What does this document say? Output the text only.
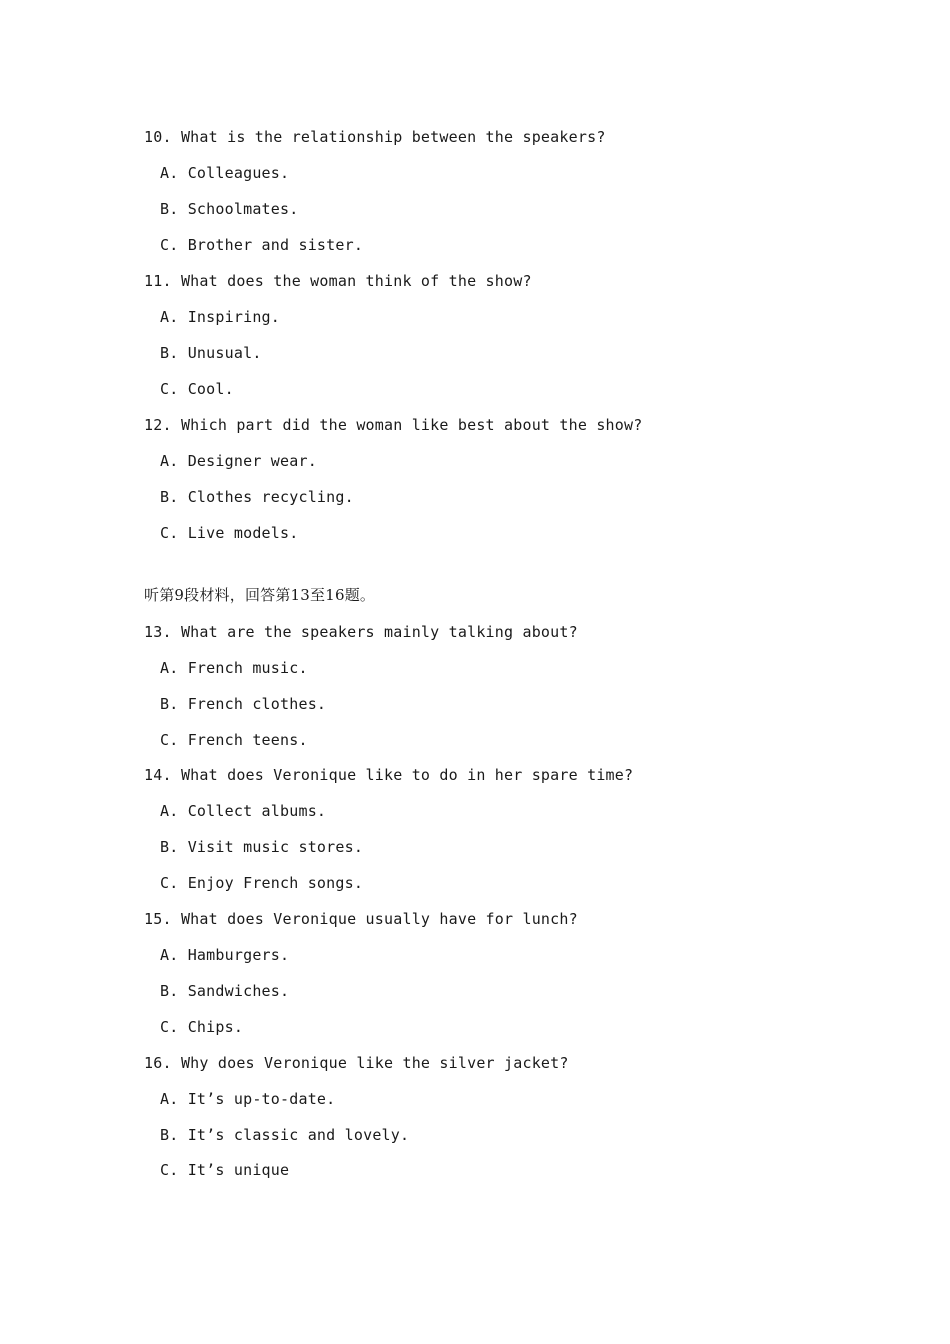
10. What is the relationship between the speakers?
A. Colleagues.
B. Schoolmates.
C. Brother and sister.
11. What does the woman think of the show?
A. Inspiring.
B. Unusual.
C. Cool.
12. Which part did the woman like best about the show?
A. Designer wear.
B. Clothes recycling.
C. Live models.
听第9段材料，回答第13至16题。
13. What are the speakers mainly talking about?
A. French music.
B. French clothes.
C. French teens.
14. What does Veronique like to do in her spare time?
A. Collect albums.
B. Visit music stores.
C. Enjoy French songs.
15. What does Veronique usually have for lunch?
A. Hamburgers.
B. Sandwiches.
C. Chips.
16. Why does Veronique like the silver jacket?
A. It’s up-to-date.
B. It’s classic and lovely.
C. It’s unique
